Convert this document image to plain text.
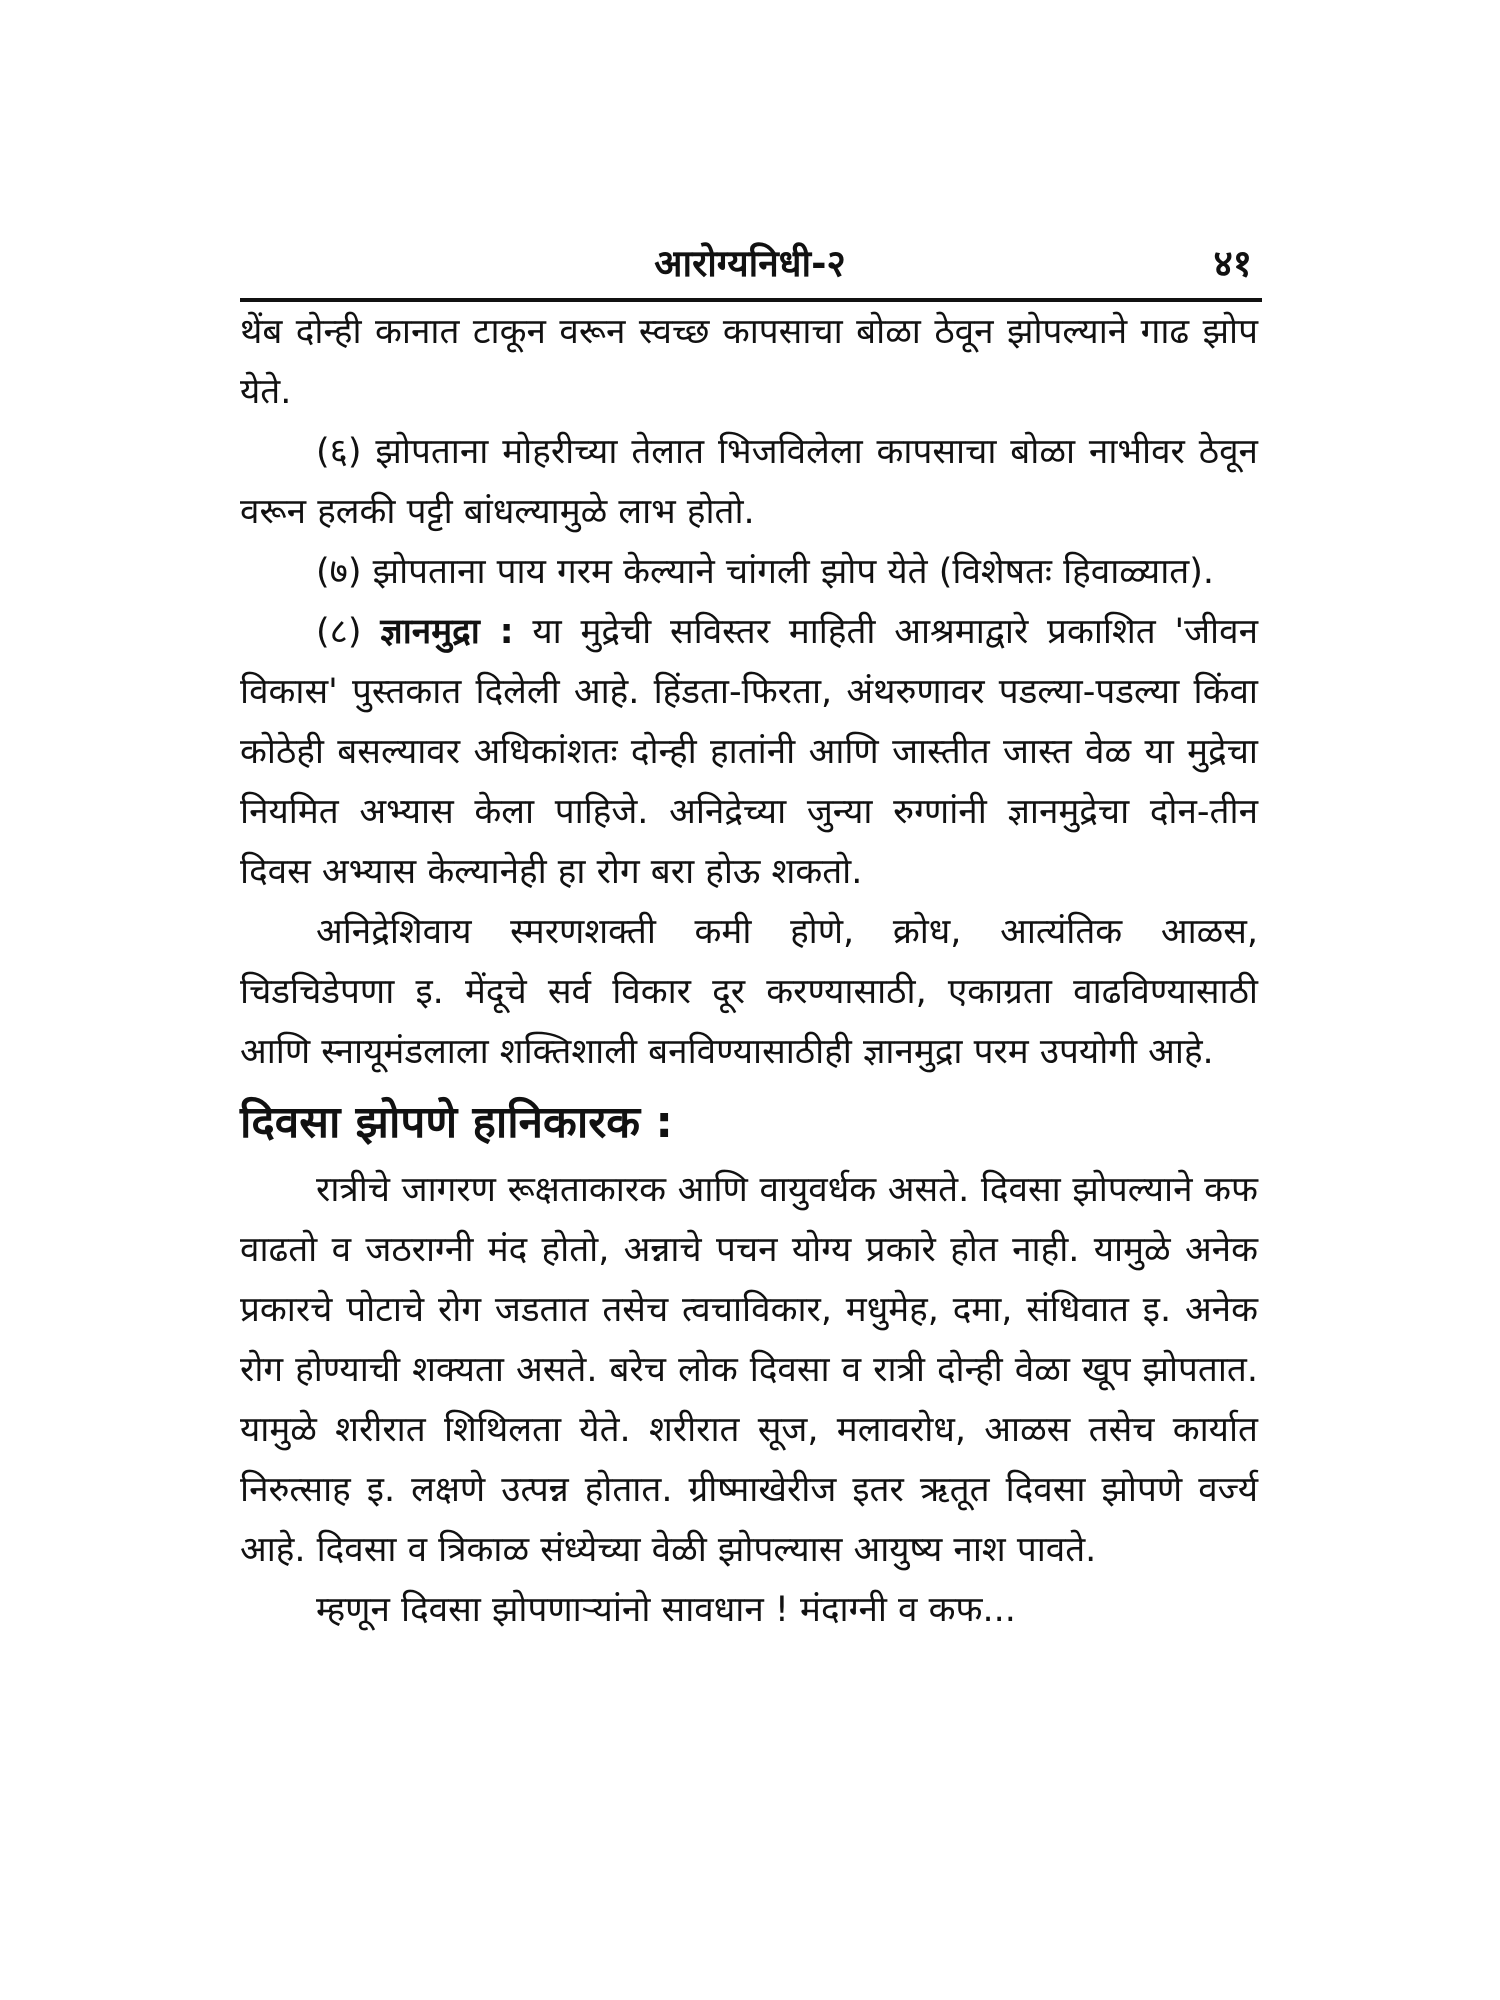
आरोग्यनिधी-२	४१

थेंब दोन्ही कानात टाकून वरून स्वच्छ कापसाचा बोळा ठेवून झोपल्याने गाढ झोप येते.

(६) झोपताना मोहरीच्या तेलात भिजविलेला कापसाचा बोळा नाभीवर ठेवून वरून हलकी पट्टी बांधल्यामुळे लाभ होतो.

(७) झोपताना पाय गरम केल्याने चांगली झोप येते (विशेषतः हिवाळ्यात).

(८) ज्ञानमुद्रा : या मुद्रेची सविस्तर माहिती आश्रमाद्वारे प्रकाशित 'जीवन विकास' पुस्तकात दिलेली आहे. हिंडता-फिरता, अंथरुणावर पडल्या-पडल्या किंवा कोठेही बसल्यावर अधिकांशतः दोन्ही हातांनी आणि जास्तीत जास्त वेळ या मुद्रेचा नियमित अभ्यास केला पाहिजे. अनिद्रेच्या जुन्या रुग्णांनी ज्ञानमुद्रेचा दोन-तीन दिवस अभ्यास केल्यानेही हा रोग बरा होऊ शकतो.

अनिद्रेशिवाय स्मरणशक्ती कमी होणे, क्रोध, आत्यंतिक आळस, चिडचिडेपणा इ. मेंदूचे सर्व विकार दूर करण्यासाठी, एकाग्रता वाढविण्यासाठी आणि स्नायूमंडलाला शक्तिशाली बनविण्यासाठीही ज्ञानमुद्रा परम उपयोगी आहे.

दिवसा झोपणे हानिकारक :

रात्रीचे जागरण रूक्षताकारक आणि वायुवर्धक असते. दिवसा झोपल्याने कफ वाढतो व जठराग्नी मंद होतो, अन्नाचे पचन योग्य प्रकारे होत नाही. यामुळे अनेक प्रकारचे पोटाचे रोग जडतात तसेच त्वचाविकार, मधुमेह, दमा, संधिवात इ. अनेक रोग होण्याची शक्यता असते. बरेच लोक दिवसा व रात्री दोन्ही वेळा खूप झोपतात. यामुळे शरीरात शिथिलता येते. शरीरात सूज, मलावरोध, आळस तसेच कार्यात निरुत्साह इ. लक्षणे उत्पन्न होतात. ग्रीष्माखेरीज इतर ऋतूत दिवसा झोपणे वर्ज्य आहे. दिवसा व त्रिकाळ संध्येच्या वेळी झोपल्यास आयुष्य नाश पावते.

म्हणून दिवसा झोपणाऱ्यांनो सावधान ! मंदाग्नी व कफ...
